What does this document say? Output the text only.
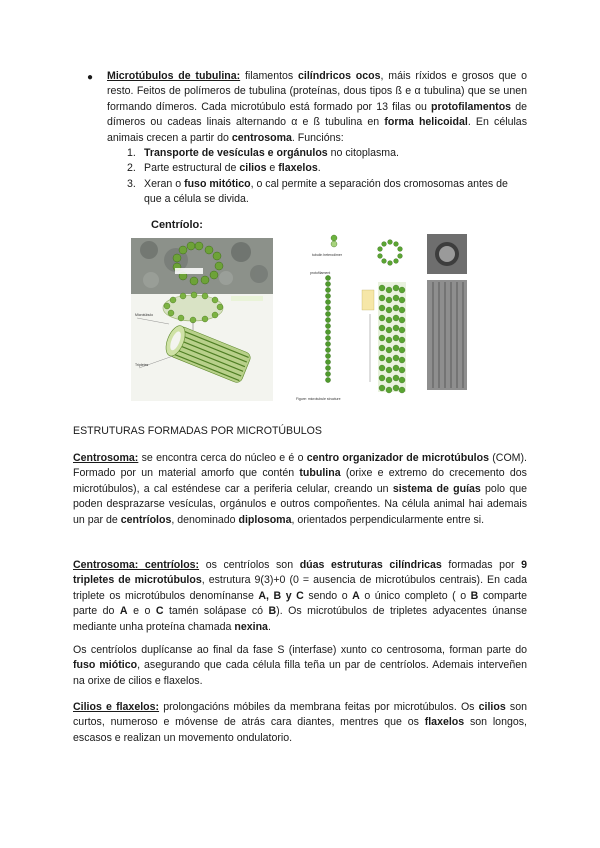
● Microtúbulos de tubulina: filamentos cilíndricos ocos, máis ríxidos e grosos que o resto. Feitos de polímeros de tubulina (proteínas, dous tipos ß e α tubulina) que se unen formando dímeros. Cada microtúbulo está formado por 13 filas ou protofilamentos de dímeros ou cadeas linais alternando α e ß tubulina en forma helicoidal. En células animais crecen a partir do centrosoma. Funcións:
1. Transporte de vesículas e orgánulos no citoplasma.
2. Parte estructural de cilios e flaxelos.
3. Xeran o fuso mitótico, o cal permite a separación dos cromosomas antes de que a célula se divida.
Centríolo:
Microtúbulo
Tripletes
tubulin heterodimer
protofilament
Figure: microtubule structure
ESTRUTURAS FORMADAS POR MICROTÚBULOS
Centrosoma: se encontra cerca do núcleo e é o centro organizador de microtúbulos (COM). Formado por un material amorfo que contén tubulina (orixe e extremo do crecemento dos microtúbulos), a cal esténdese car a periferia celular, creando un sistema de guías polo que poden desprazarse vesículas, orgánulos e outros compoñentes. Na célula animal hai ademais un par de centríolos, denominado diplosoma, orientados perpendicularmente entre si.
Centrosoma: centríolos: os centríolos son dúas estruturas cilíndricas formadas por 9 tripletes de microtúbulos, estrutura 9(3)+0 (0 = ausencia de microtúbulos centrais). En cada triplete os microtúbulos denomínanse A, B y C sendo o A o único completo ( o B comparte parte do A e o C tamén solápase có B). Os microtúbulos de tripletes adyacentes únanse mediante unha proteína chamada nexina.
Os centríolos duplícanse ao final da fase S (interfase) xunto co centrosoma, forman parte do fuso miótico, asegurando que cada célula filla teña un par de centríolos. Ademais interveñen na orixe de cilios e flaxelos.
Cilios e flaxelos: prolongacións móbiles da membrana feitas por microtúbulos. Os cilios son curtos, numeroso e móvense de atrás cara diantes, mentres que os flaxelos son longos, escasos e realizan un movemento ondulatorio.
